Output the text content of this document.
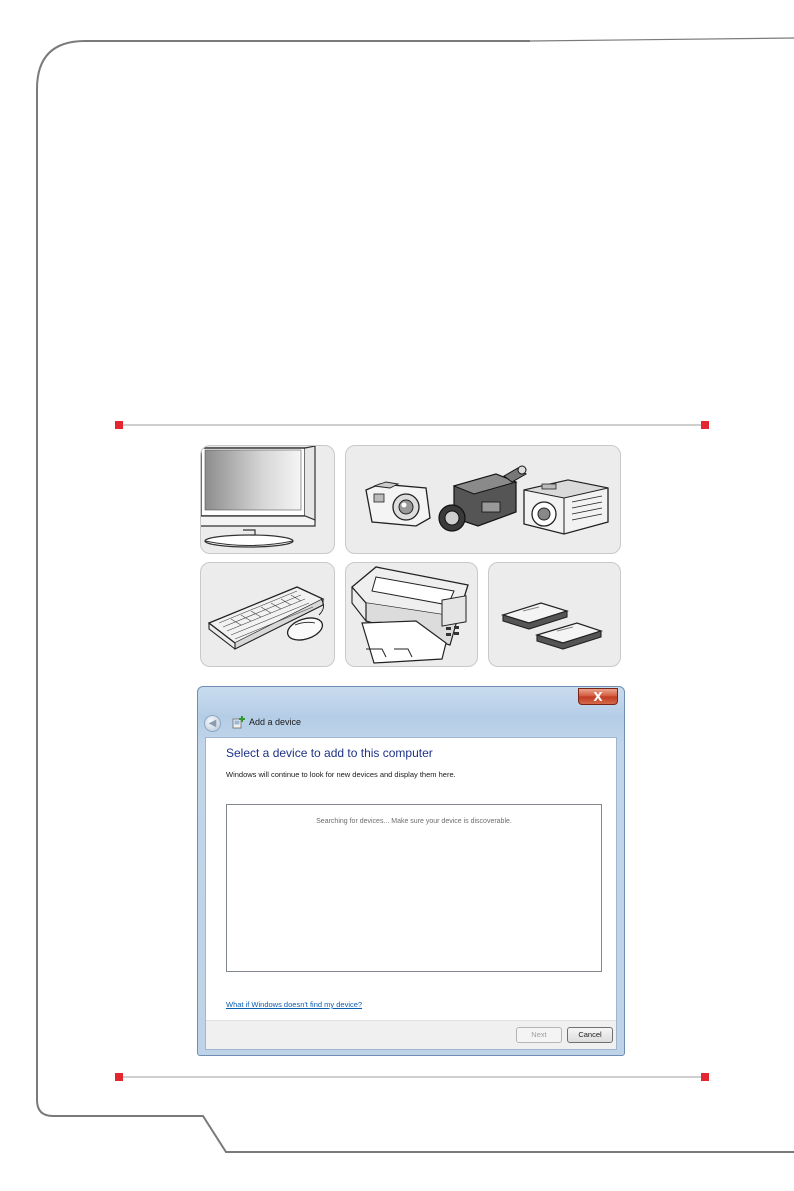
X
◀	Add a device
Select a device to add to this computer
Windows will continue to look for new devices and display them here.
Searching for devices... Make sure your device is discoverable.
What if Windows doesn't find my device?
Next	Cancel
